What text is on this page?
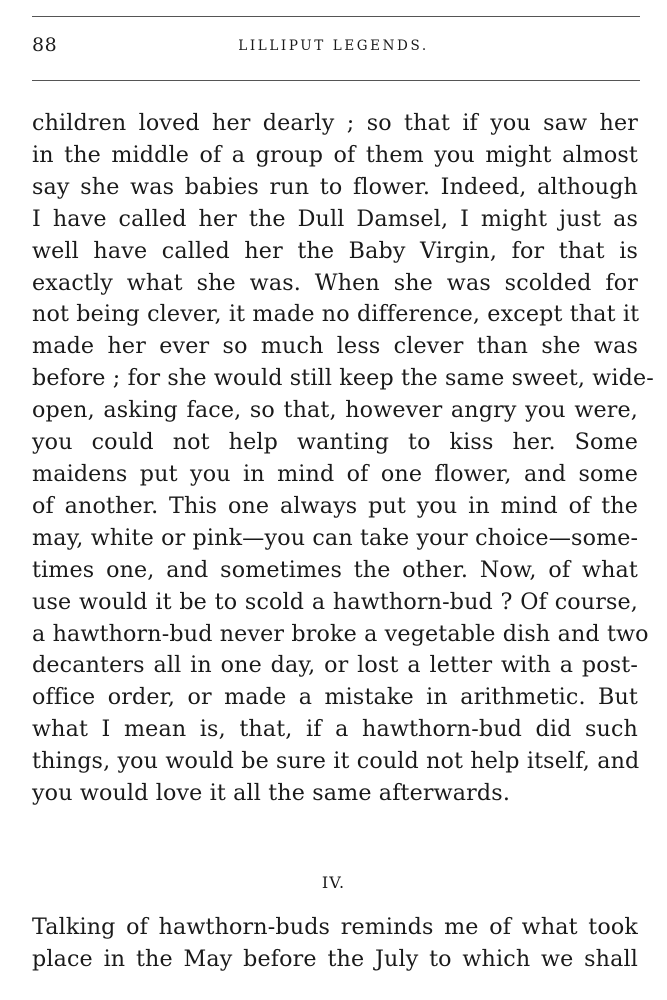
88	LILLIPUT LEGENDS.
children loved her dearly ; so that if you saw her
in the middle of a group of them you might almost
say she was babies run to flower. Indeed, although
I have called her the Dull Damsel, I might just as
well have called her the Baby Virgin, for that is
exactly what she was. When she was scolded for
not being clever, it made no difference, except that it
made her ever so much less clever than she was
before ; for she would still keep the same sweet, wide-
open, asking face, so that, however angry you were,
you could not help wanting to kiss her. Some
maidens put you in mind of one flower, and some
of another. This one always put you in mind of the
may, white or pink—you can take your choice—some-
times one, and sometimes the other. Now, of what
use would it be to scold a hawthorn-bud ? Of course,
a hawthorn-bud never broke a vegetable dish and two
decanters all in one day, or lost a letter with a post-
office order, or made a mistake in arithmetic. But
what I mean is, that, if a hawthorn-bud did such
things, you would be sure it could not help itself, and
you would love it all the same afterwards.
IV.
Talking of hawthorn-buds reminds me of what took
place in the May before the July to which we shall
